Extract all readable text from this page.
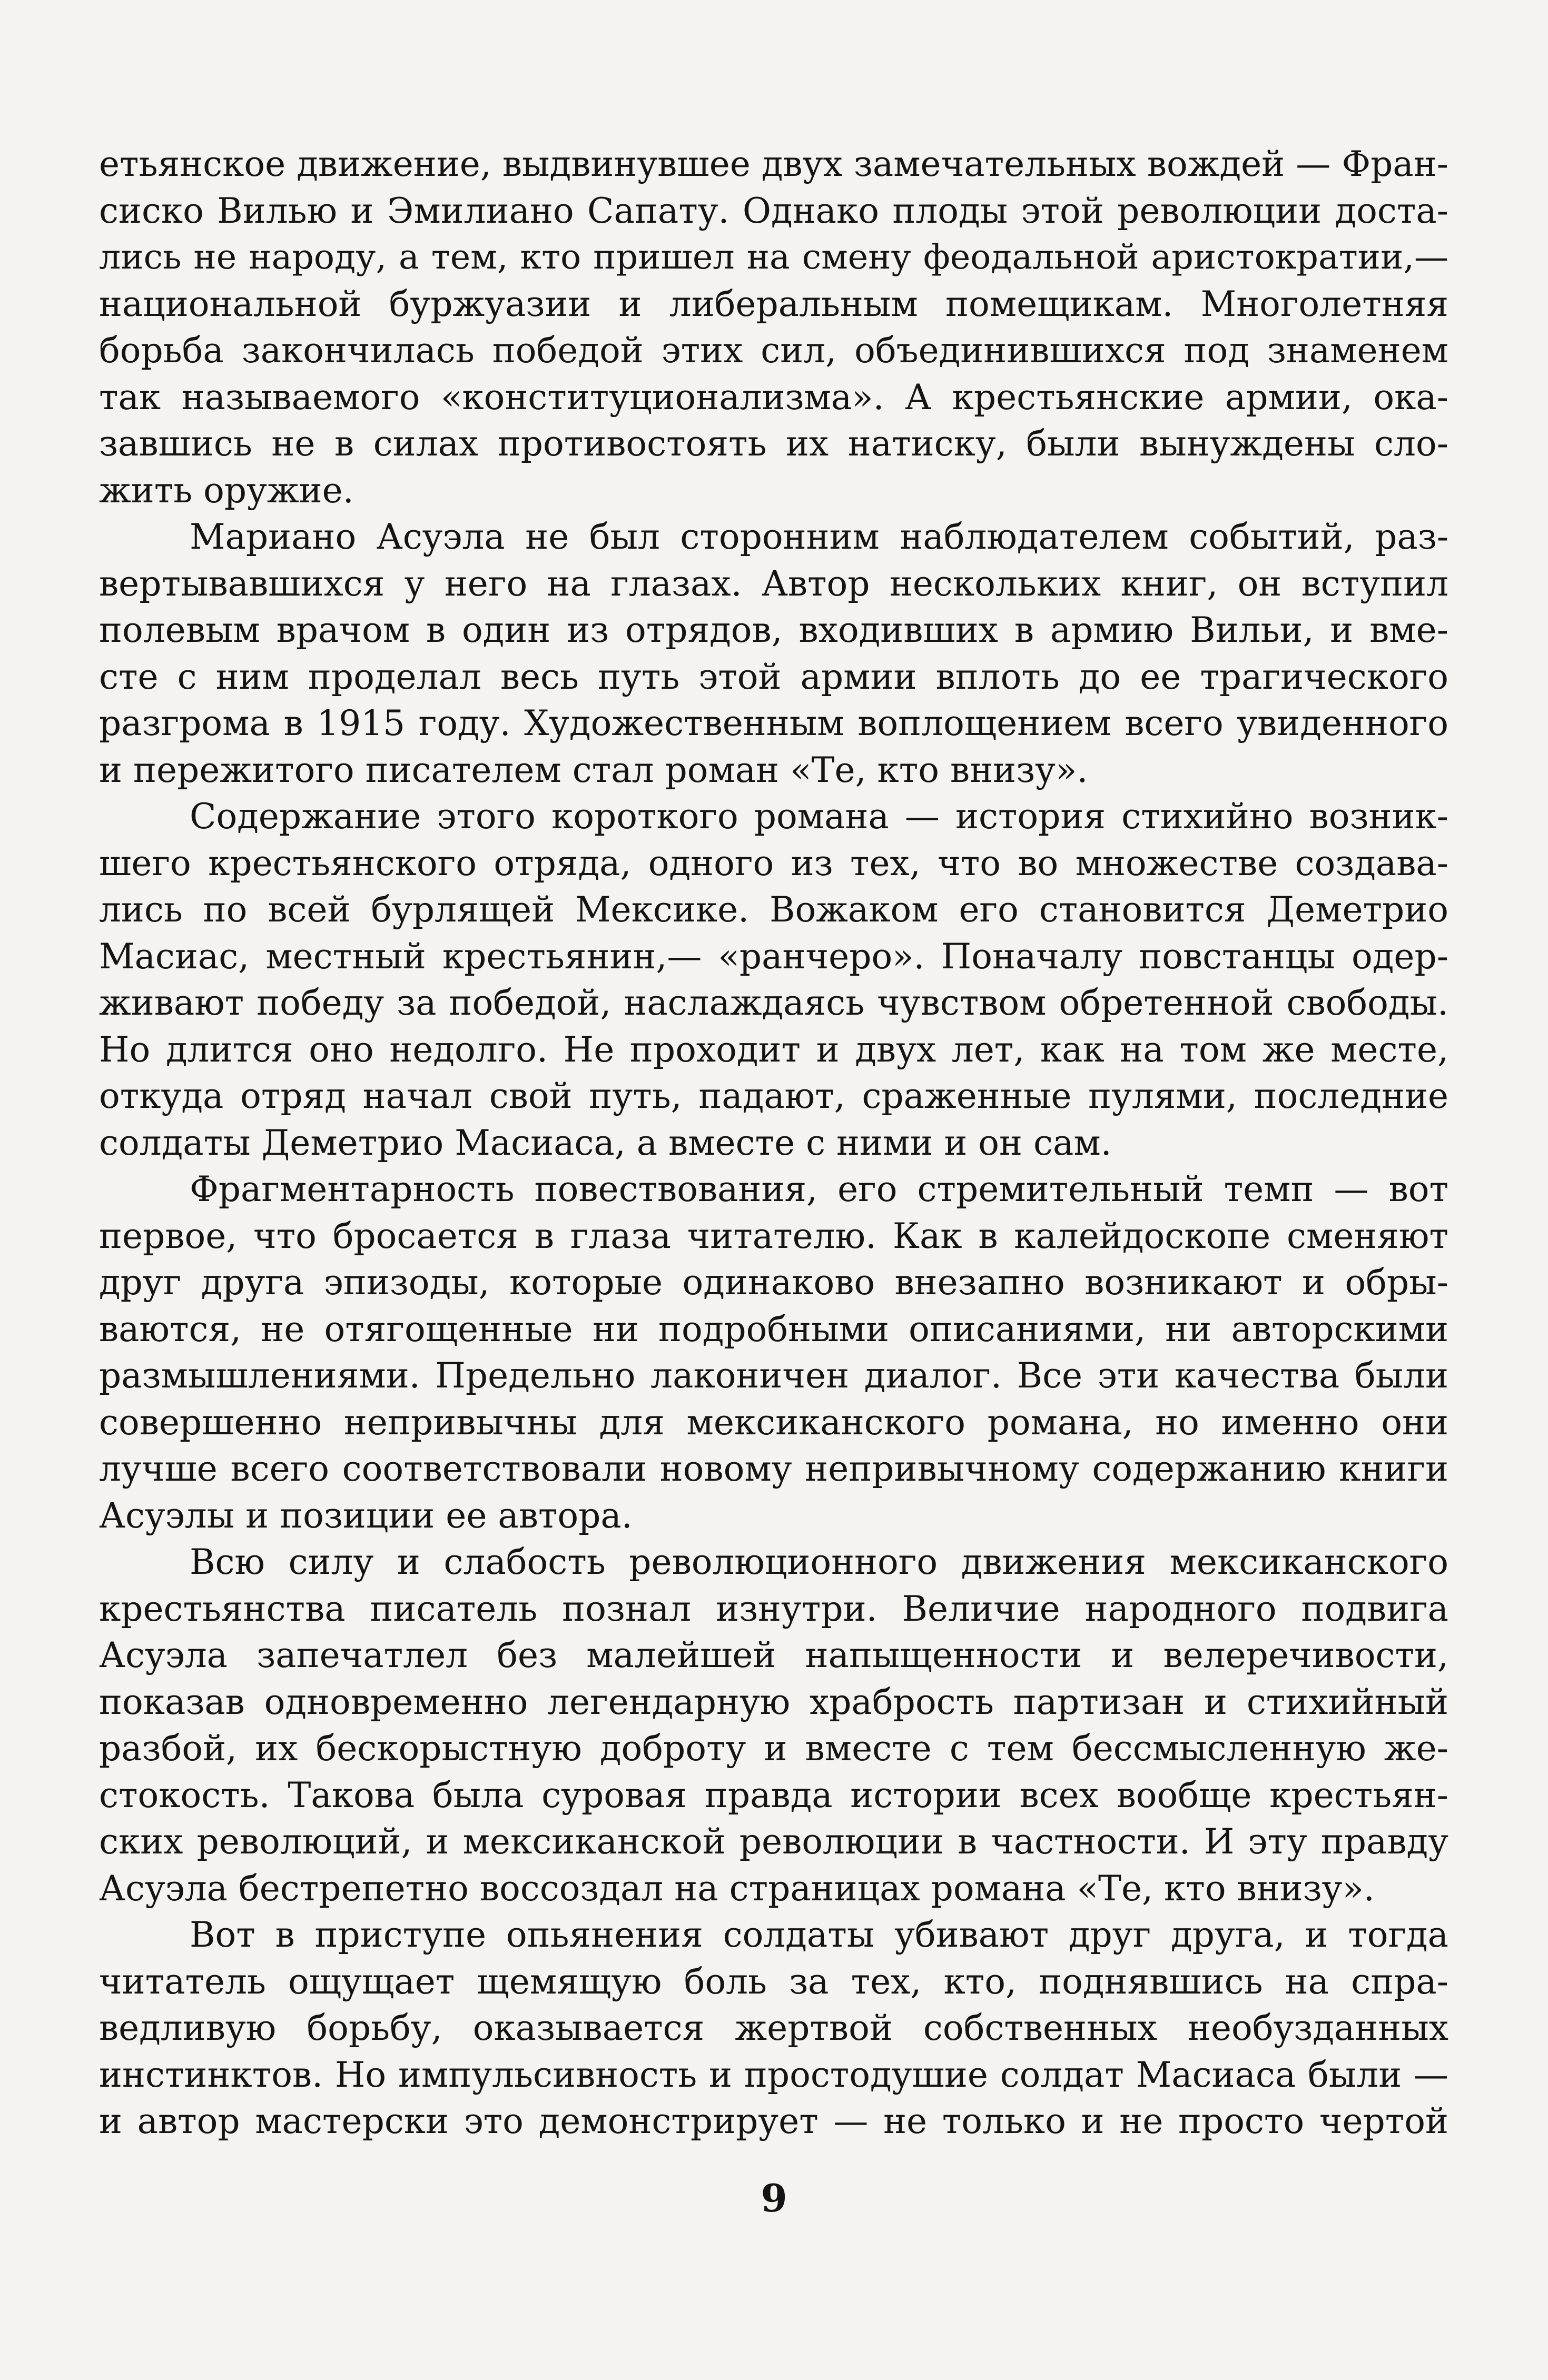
етьянское движение, выдвинувшее двух замечательных вождей — Фран-
сиско Вилью и Эмилиано Сапату. Однако плоды этой революции доста-
лись не народу, а тем, кто пришел на смену феодальной аристократии,—
национальной буржуазии и либеральным помещикам. Многолетняя
борьба закончилась победой этих сил, объединившихся под знаменем
так называемого «конституционализма». А крестьянские армии, ока-
завшись не в силах противостоять их натиску, были вынуждены сло-
жить оружие.
Мариано Асуэла не был сторонним наблюдателем событий, раз-
вертывавшихся у него на глазах. Автор нескольких книг, он вступил
полевым врачом в один из отрядов, входивших в армию Вильи, и вме-
сте с ним проделал весь путь этой армии вплоть до ее трагического
разгрома в 1915 году. Художественным воплощением всего увиденного
и пережитого писателем стал роман «Те, кто внизу».
Содержание этого короткого романа — история стихийно возник-
шего крестьянского отряда, одного из тех, что во множестве создава-
лись по всей бурлящей Мексике. Вожаком его становится Деметрио
Масиас, местный крестьянин,— «ранчеро». Поначалу повстанцы одер-
живают победу за победой, наслаждаясь чувством обретенной свободы.
Но длится оно недолго. Не проходит и двух лет, как на том же месте,
откуда отряд начал свой путь, падают, сраженные пулями, последние
солдаты Деметрио Масиаса, а вместе с ними и он сам.
Фрагментарность повествования, его стремительный темп — вот
первое, что бросается в глаза читателю. Как в калейдоскопе сменяют
друг друга эпизоды, которые одинаково внезапно возникают и обры-
ваются, не отягощенные ни подробными описаниями, ни авторскими
размышлениями. Предельно лаконичен диалог. Все эти качества были
совершенно непривычны для мексиканского романа, но именно они
лучше всего соответствовали новому непривычному содержанию книги
Асуэлы и позиции ее автора.
Всю силу и слабость революционного движения мексиканского
крестьянства писатель познал изнутри. Величие народного подвига
Асуэла запечатлел без малейшей напыщенности и велеречивости,
показав одновременно легендарную храбрость партизан и стихийный
разбой, их бескорыстную доброту и вместе с тем бессмысленную же-
стокость. Такова была суровая правда истории всех вообще крестьян-
ских революций, и мексиканской революции в частности. И эту правду
Асуэла бестрепетно воссоздал на страницах романа «Те, кто внизу».
Вот в приступе опьянения солдаты убивают друг друга, и тогда
читатель ощущает щемящую боль за тех, кто, поднявшись на спра-
ведливую борьбу, оказывается жертвой собственных необузданных
инстинктов. Но импульсивность и простодушие солдат Масиаса были —
и автор мастерски это демонстрирует — не только и не просто чертой
9
